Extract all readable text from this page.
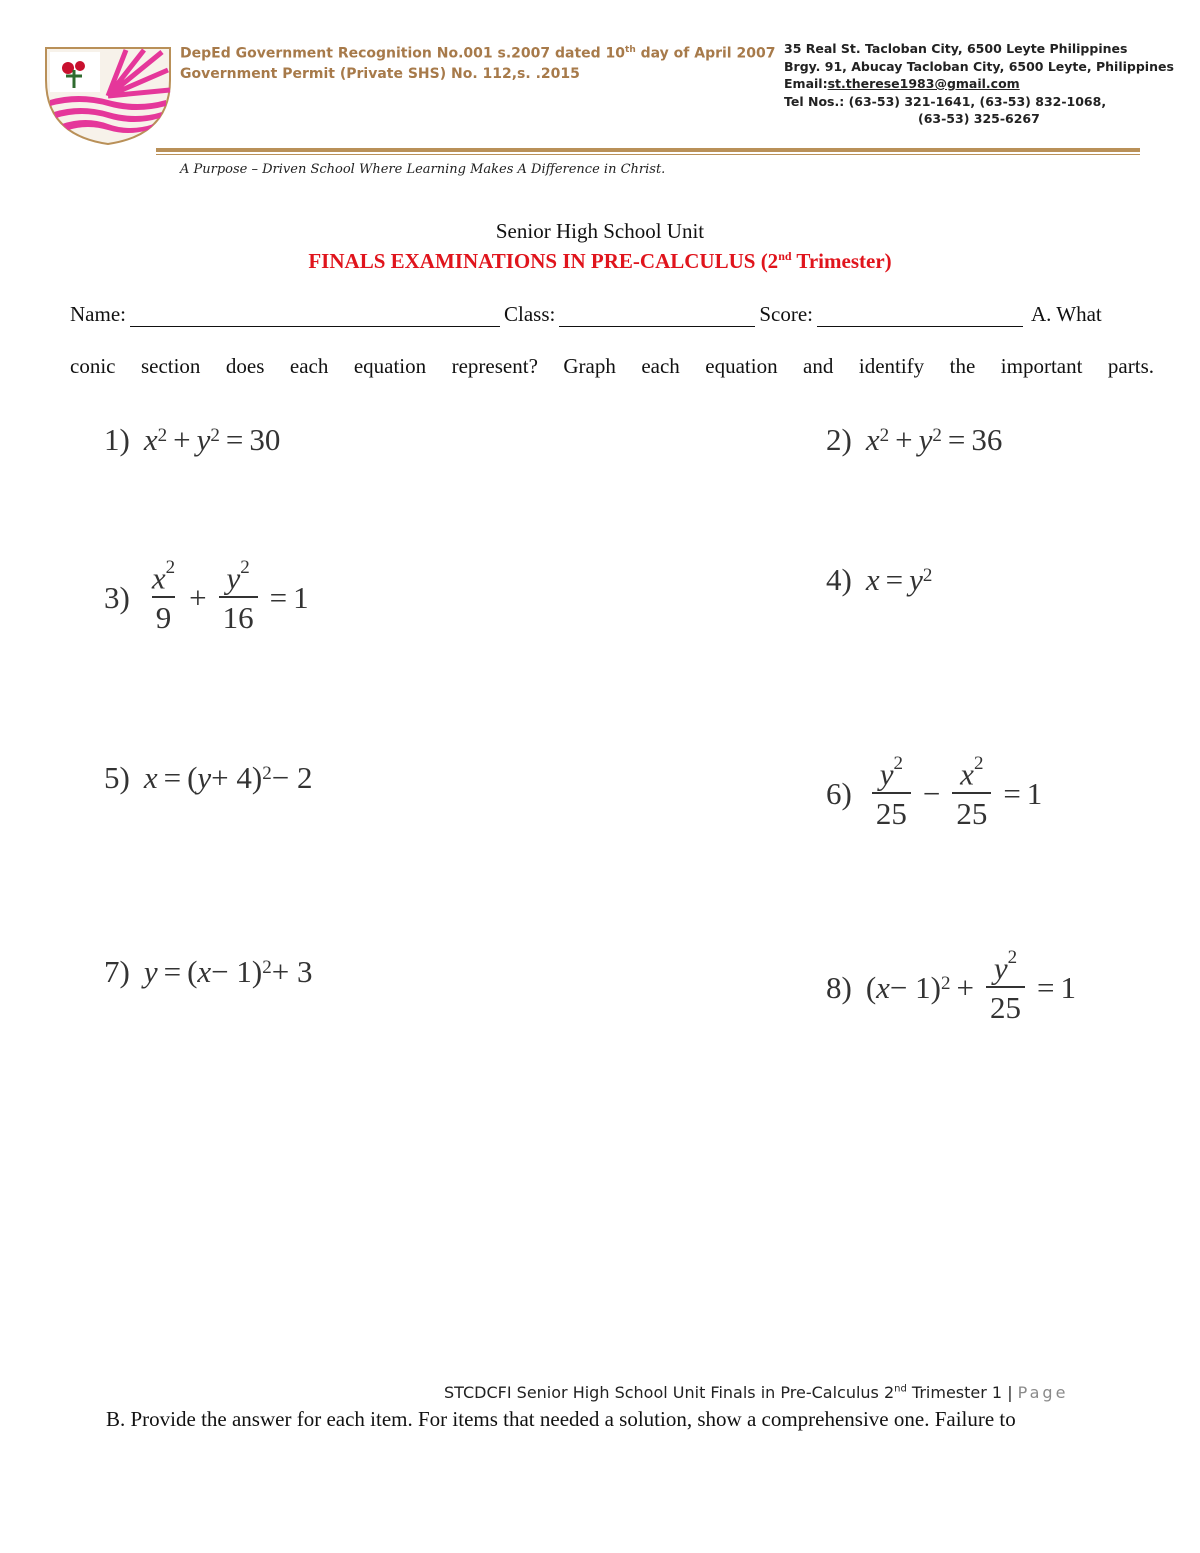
DepEd Government Recognition No.001 s.2007 dated 10th day of April 2007
Government Permit (Private SHS) No. 112,s. .2015
35 Real St. Tacloban City, 6500 Leyte Philippines
Brgy. 91, Abucay Tacloban City, 6500 Leyte, Philippines
Email:st.therese1983@gmail.com
Tel Nos.: (63-53) 321-1641, (63-53) 832-1068,
(63-53) 325-6267
A Purpose – Driven School Where Learning Makes A Difference in Christ.
Senior High School Unit
FINALS EXAMINATIONS IN PRE-CALCULUS (2nd Trimester)
Name:	Class:	Score:	A. What
conic section does each equation represent? Graph each equation and identify the important parts.
1) $x^2 + y^2 = 30$	2) $x^2 + y^2 = 36$
$3) \frac{x^2}{9} + \frac{y^2}{16} = 1$
4) $x = y^2$
5) x = ( y + 4)$^2$ − 2	$6) \frac{y^2}{25} - \frac{x^2}{25} = 1$
7) y = ( x − 1)$^2$ + 3	8) ( $x - 1)^2 + \frac{y^2}{25} = 1$
STCDCFI Senior High School Unit Finals in Pre-Calculus 2nd Trimester 1 | Page
B. Provide the answer for each item. For items that needed a solution, show a comprehensive one. Failure to
